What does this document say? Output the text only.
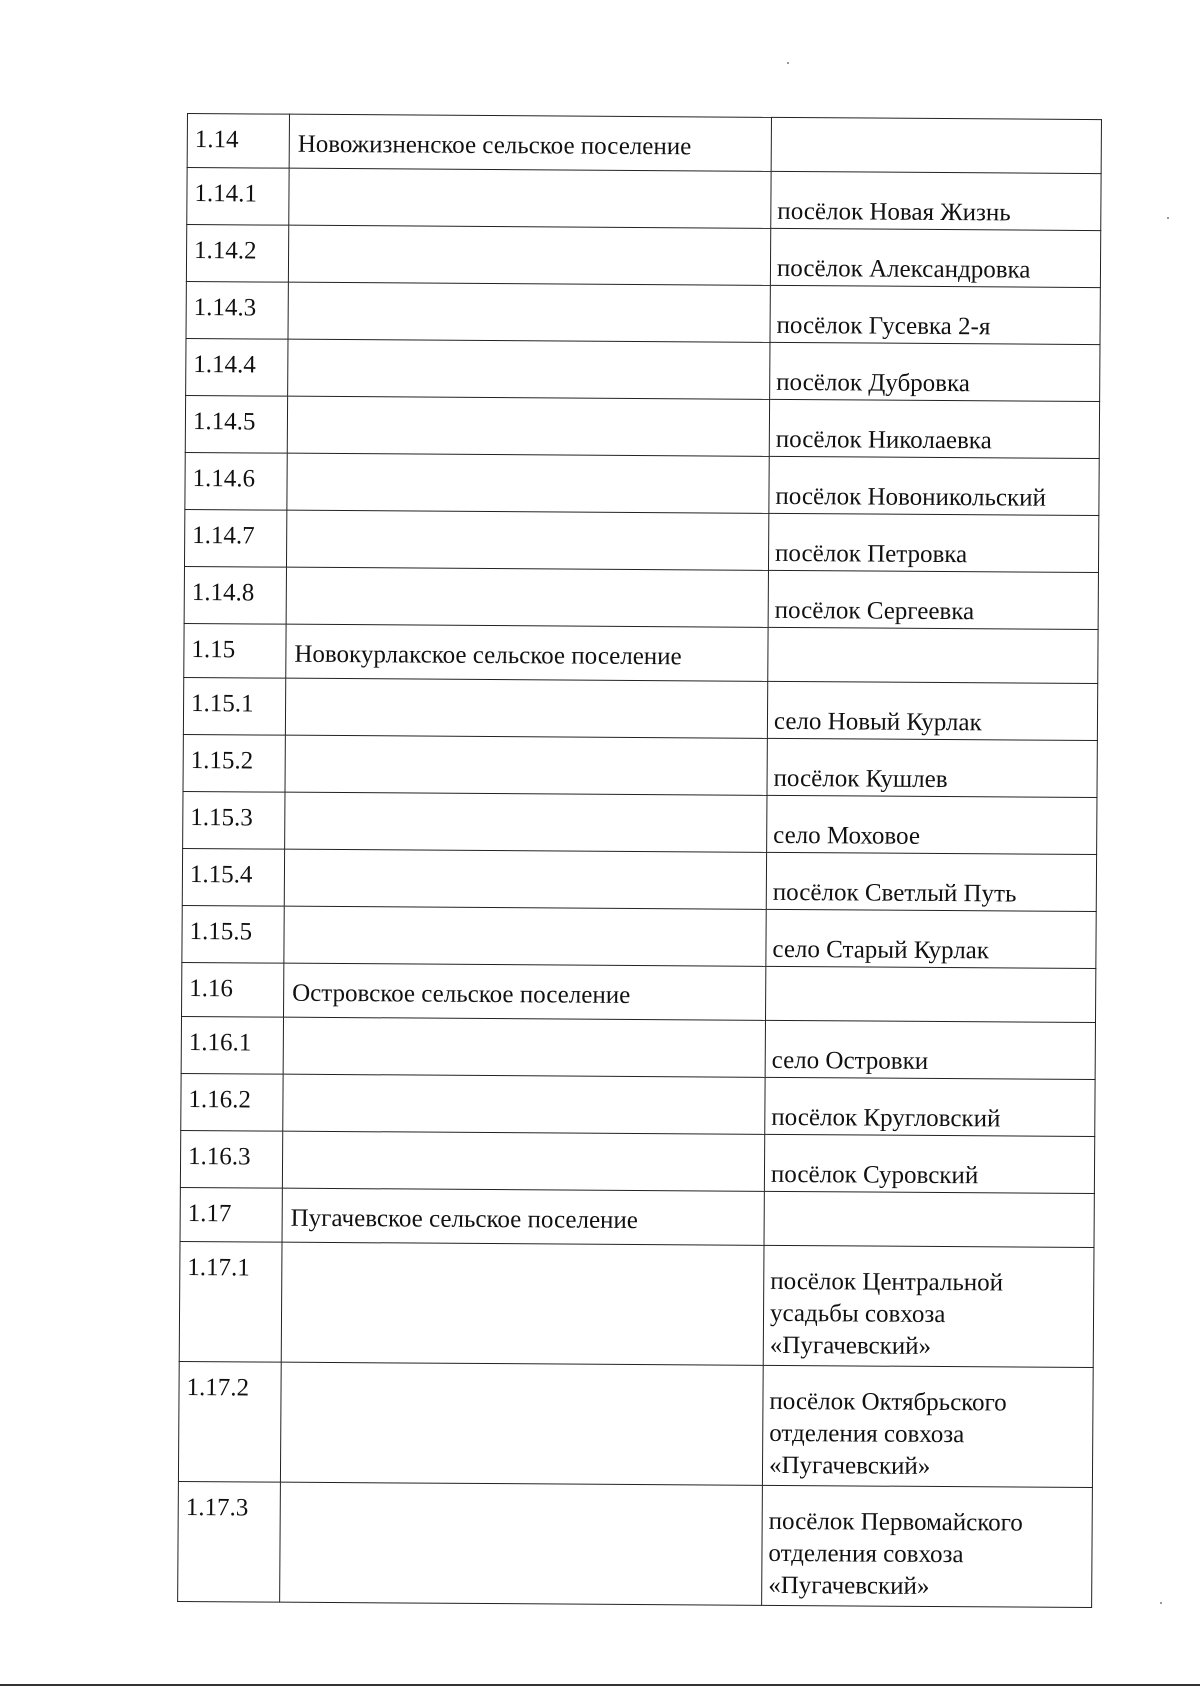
1.14	Новожизненское сельское поселение	
1.14.1		посёлок Новая Жизнь
1.14.2		посёлок Александровка
1.14.3		посёлок Гусевка 2-я
1.14.4		посёлок Дубровка
1.14.5		посёлок Николаевка
1.14.6		посёлок Новоникольский
1.14.7		посёлок Петровка
1.14.8		посёлок Сергеевка
1.15	Новокурлакское сельское поселение	
1.15.1		село Новый Курлак
1.15.2		посёлок Кушлев
1.15.3		село Моховое
1.15.4		посёлок Светлый Путь
1.15.5		село Старый Курлак
1.16	Островское сельское поселение	
1.16.1		село Островки
1.16.2		посёлок Кругловский
1.16.3		посёлок Суровский
1.17	Пугачевское сельское поселение	
1.17.1		посёлок Центральной
усадьбы совхоза
«Пугачевский»
1.17.2		посёлок Октябрьского
отделения совхоза
«Пугачевский»
1.17.3		посёлок Первомайского
отделения совхоза
«Пугачевский»
